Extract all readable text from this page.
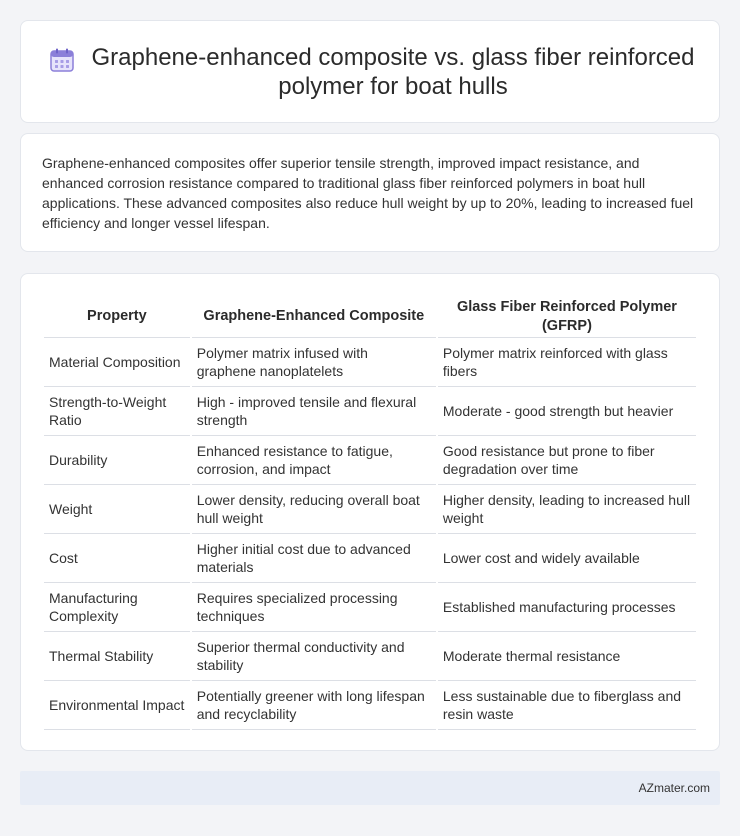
Graphene-enhanced composite vs. glass fiber reinforced polymer for boat hulls

Graphene-enhanced composites offer superior tensile strength, improved impact resistance, and enhanced corrosion resistance compared to traditional glass fiber reinforced polymers in boat hull applications. These advanced composites also reduce hull weight by up to 20%, leading to increased fuel efficiency and longer vessel lifespan.

Property	Graphene-Enhanced Composite	Glass Fiber Reinforced Polymer (GFRP)
Material Composition	Polymer matrix infused with graphene nanoplatelets	Polymer matrix reinforced with glass fibers
Strength-to-Weight Ratio	High - improved tensile and flexural strength	Moderate - good strength but heavier
Durability	Enhanced resistance to fatigue, corrosion, and impact	Good resistance but prone to fiber degradation over time
Weight	Lower density, reducing overall boat hull weight	Higher density, leading to increased hull weight
Cost	Higher initial cost due to advanced materials	Lower cost and widely available
Manufacturing Complexity	Requires specialized processing techniques	Established manufacturing processes
Thermal Stability	Superior thermal conductivity and stability	Moderate thermal resistance
Environmental Impact	Potentially greener with long lifespan and recyclability	Less sustainable due to fiberglass and resin waste
AZmater.com
